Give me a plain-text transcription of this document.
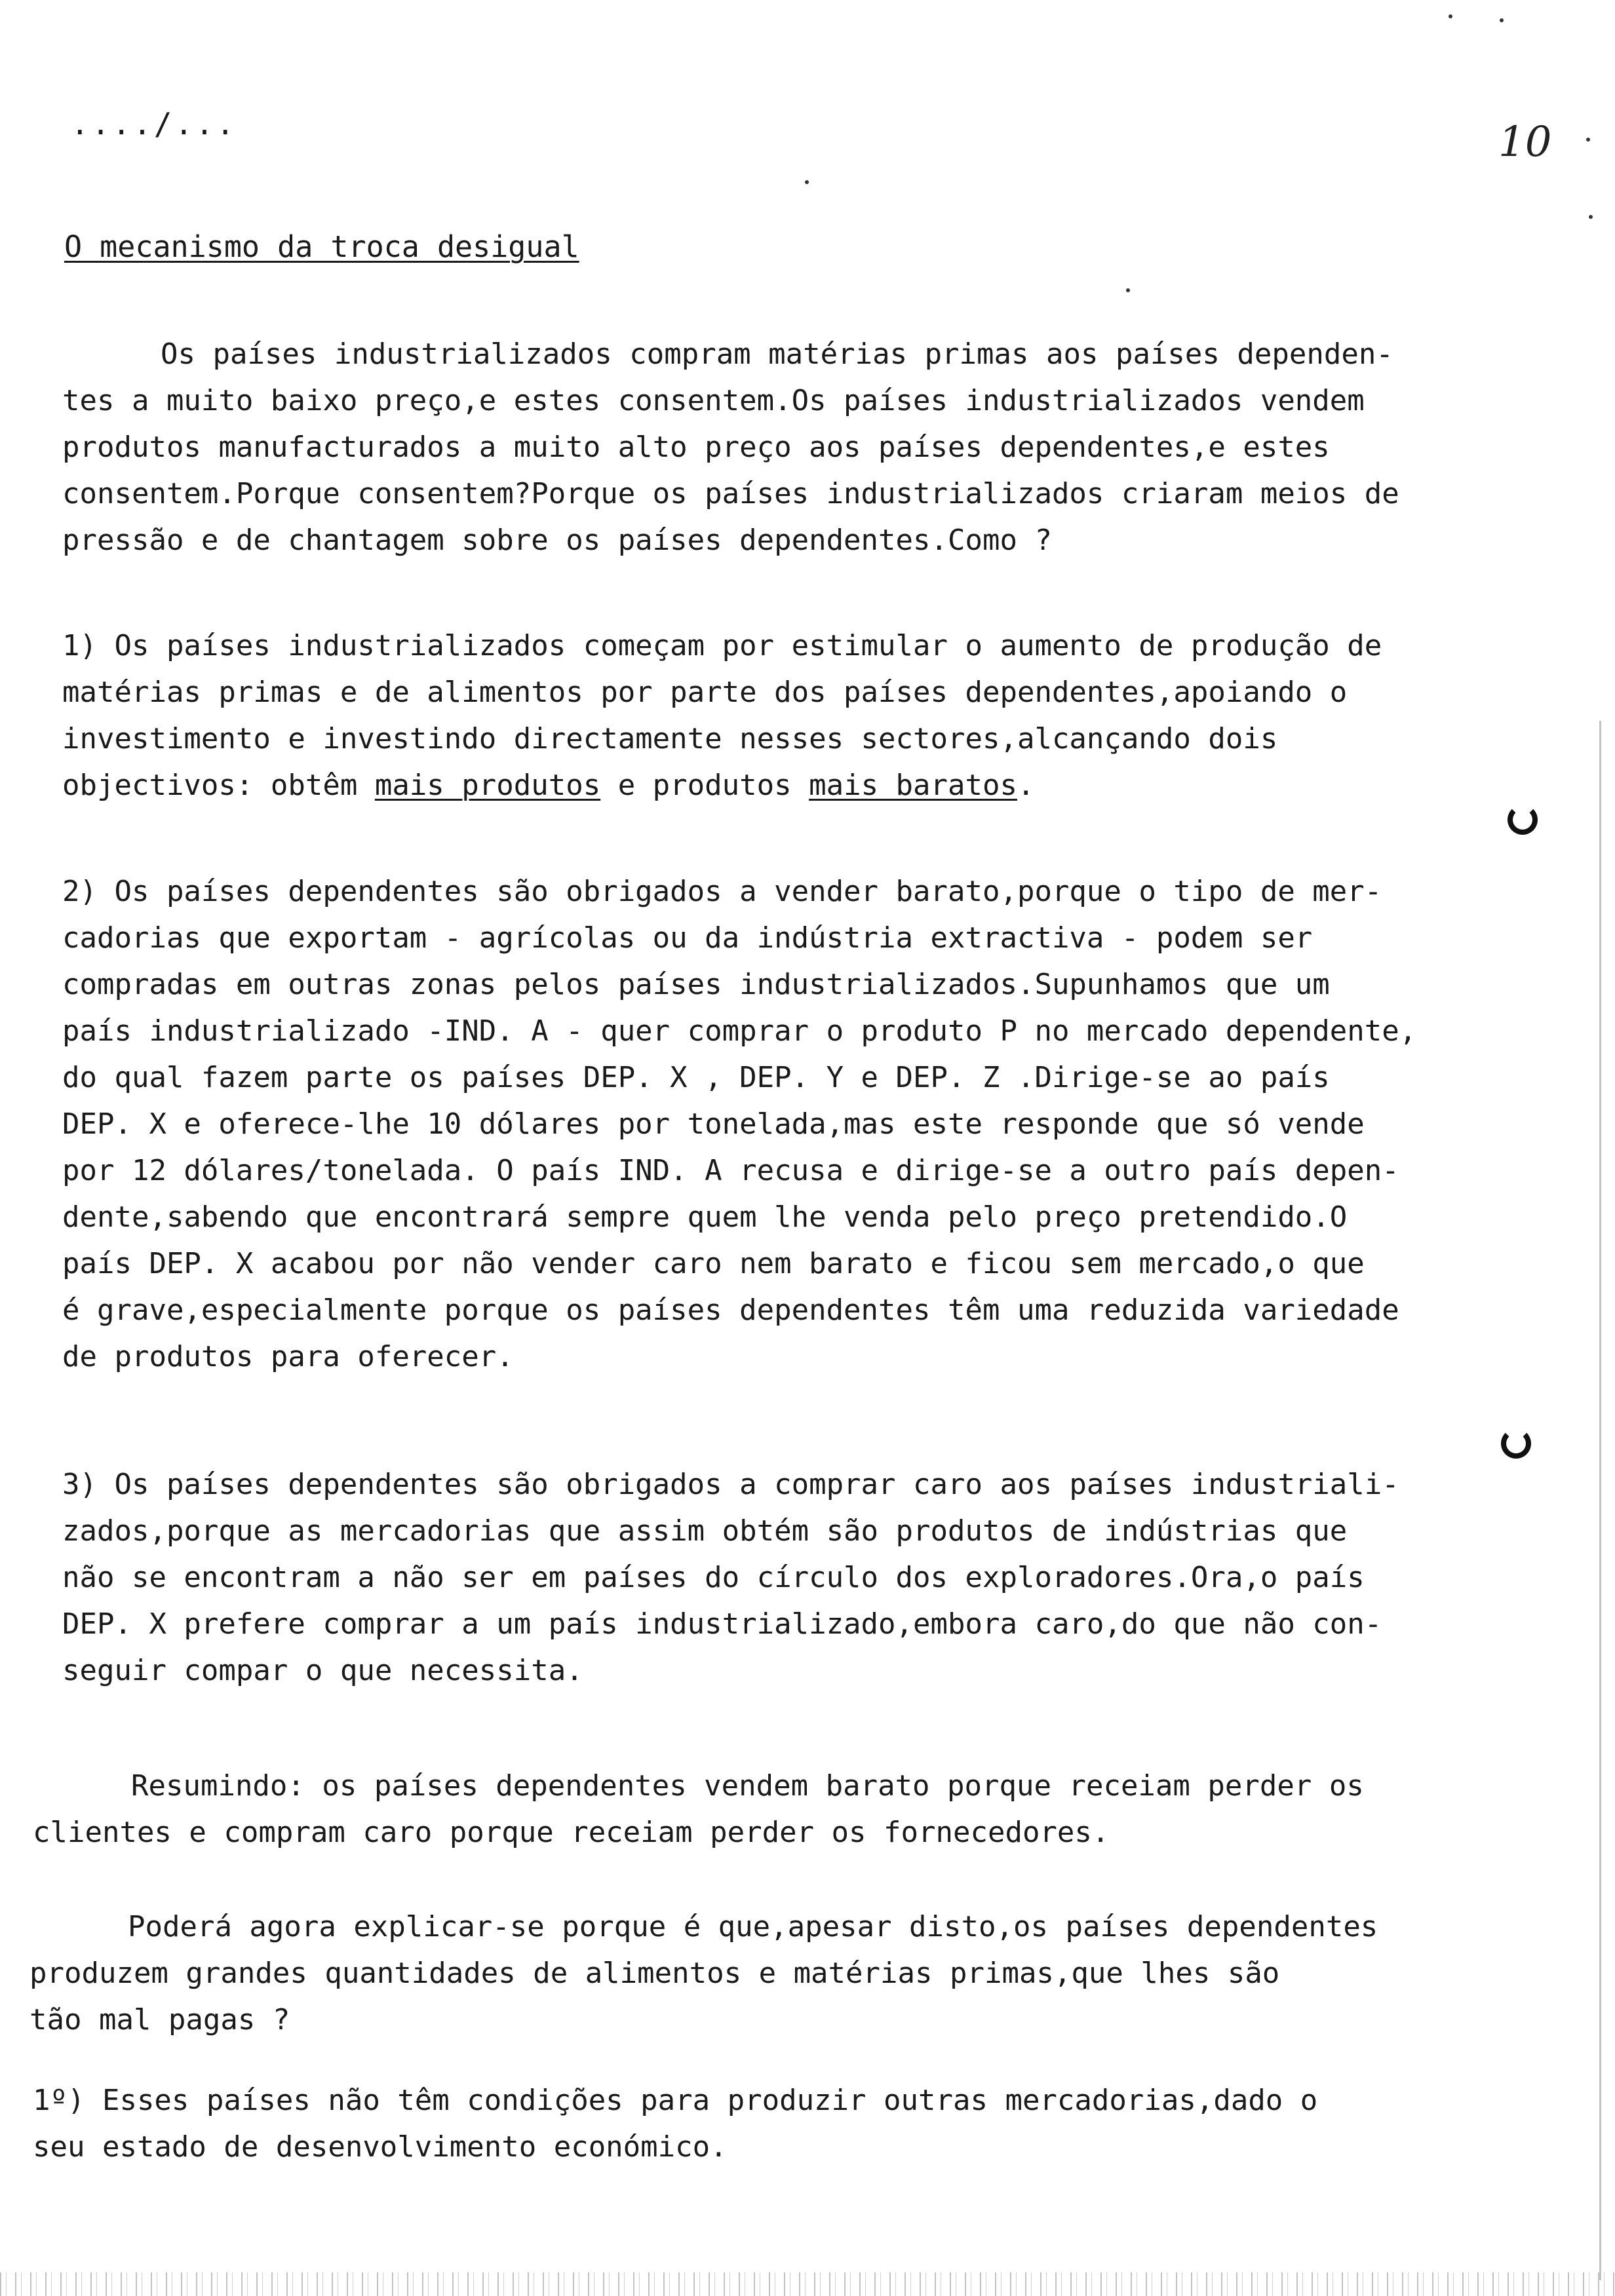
..../...	10
O mecanismo da troca desigual
Os países industrializados compram matérias primas aos países dependen-
tes a muito baixo preço,e estes consentem.Os países industrializados vendem
produtos manufacturados a muito alto preço aos países dependentes,e estes
consentem.Porque consentem?Porque os países industrializados criaram meios de
pressão e de chantagem sobre os países dependentes.Como ?
1) Os países industrializados começam por estimular o aumento de produção de
matérias primas e de alimentos por parte dos países dependentes,apoiando o
investimento e investindo directamente nesses sectores,alcançando dois
objectivos: obtêm mais produtos e produtos mais baratos.
2) Os países dependentes são obrigados a vender barato,porque o tipo de mer-
cadorias que exportam - agrícolas ou da indústria extractiva - podem ser
compradas em outras zonas pelos países industrializados.Supunhamos que um
país industrializado -IND. A - quer comprar o produto P no mercado dependente,
do qual fazem parte os países DEP. X , DEP. Y e DEP. Z .Dirige-se ao país
DEP. X e oferece-lhe 10 dólares por tonelada,mas este responde que só vende
por 12 dólares/tonelada. O país IND. A recusa e dirige-se a outro país depen-
dente,sabendo que encontrará sempre quem lhe venda pelo preço pretendido.O
país DEP. X acabou por não vender caro nem barato e ficou sem mercado,o que
é grave,especialmente porque os países dependentes têm uma reduzida variedade
de produtos para oferecer.
3) Os países dependentes são obrigados a comprar caro aos países industriali-
zados,porque as mercadorias que assim obtém são produtos de indústrias que
não se encontram a não ser em países do círculo dos exploradores.Ora,o país
DEP. X prefere comprar a um país industrializado,embora caro,do que não con-
seguir compar o que necessita.
Resumindo: os países dependentes vendem barato porque receiam perder os
clientes e compram caro porque receiam perder os fornecedores.
Poderá agora explicar-se porque é que,apesar disto,os países dependentes
produzem grandes quantidades de alimentos e matérias primas,que lhes são
tão mal pagas ?
1º) Esses países não têm condições para produzir outras mercadorias,dado o
seu estado de desenvolvimento económico.
